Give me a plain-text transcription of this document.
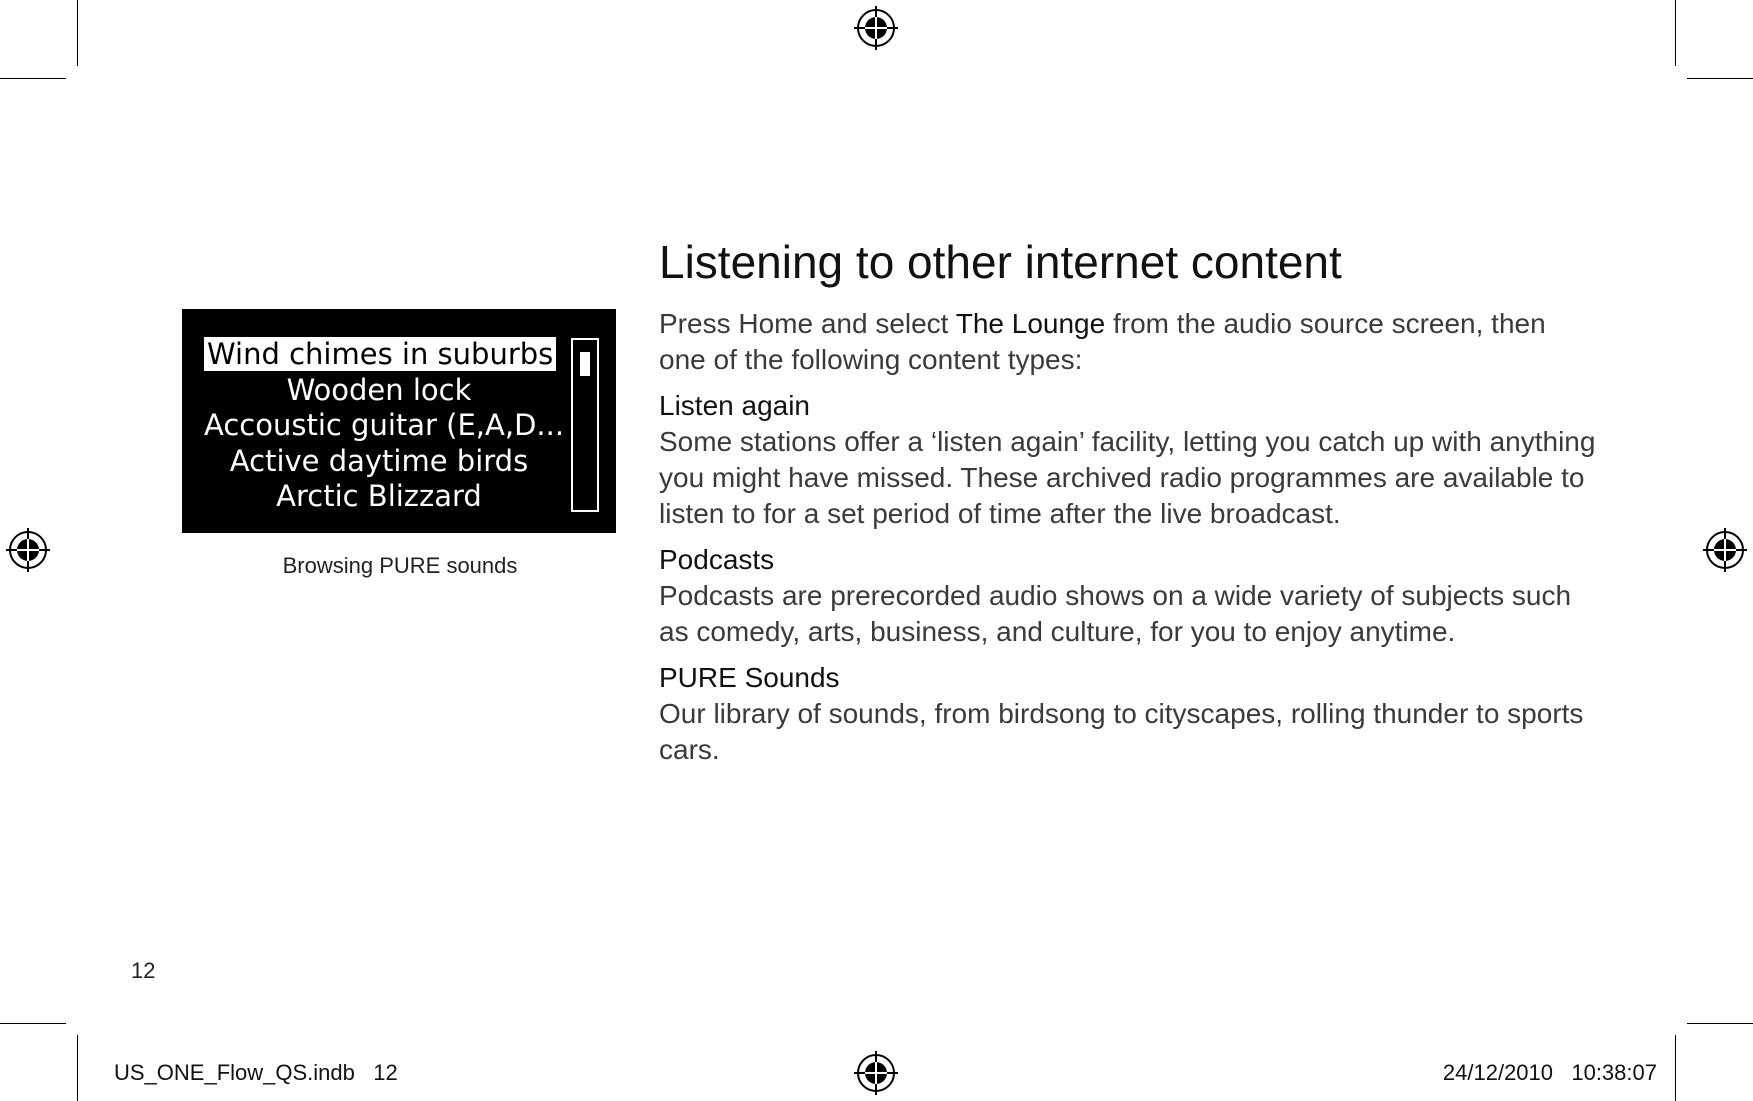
Wind chimes in suburbs
Wooden lock
Accoustic guitar (E,A,D...
Active daytime birds
Arctic Blizzard
Browsing PURE sounds
Listening to other internet content

Press Home and select The Lounge from the audio source screen, then one of the following content types:

Listen again

Some stations offer a ‘listen again’ facility, letting you catch up with anything you might have missed. These archived radio programmes are available to listen to for a set period of time after the live broadcast.

Podcasts

Podcasts are prerecorded audio shows on a wide variety of subjects such as comedy, arts, business, and culture, for you to enjoy anytime.

PURE Sounds

Our library of sounds, from birdsong to cityscapes, rolling thunder to sports cars.

12
US_ONE_Flow_QS.indb   12	24/12/2010   10:38:07
